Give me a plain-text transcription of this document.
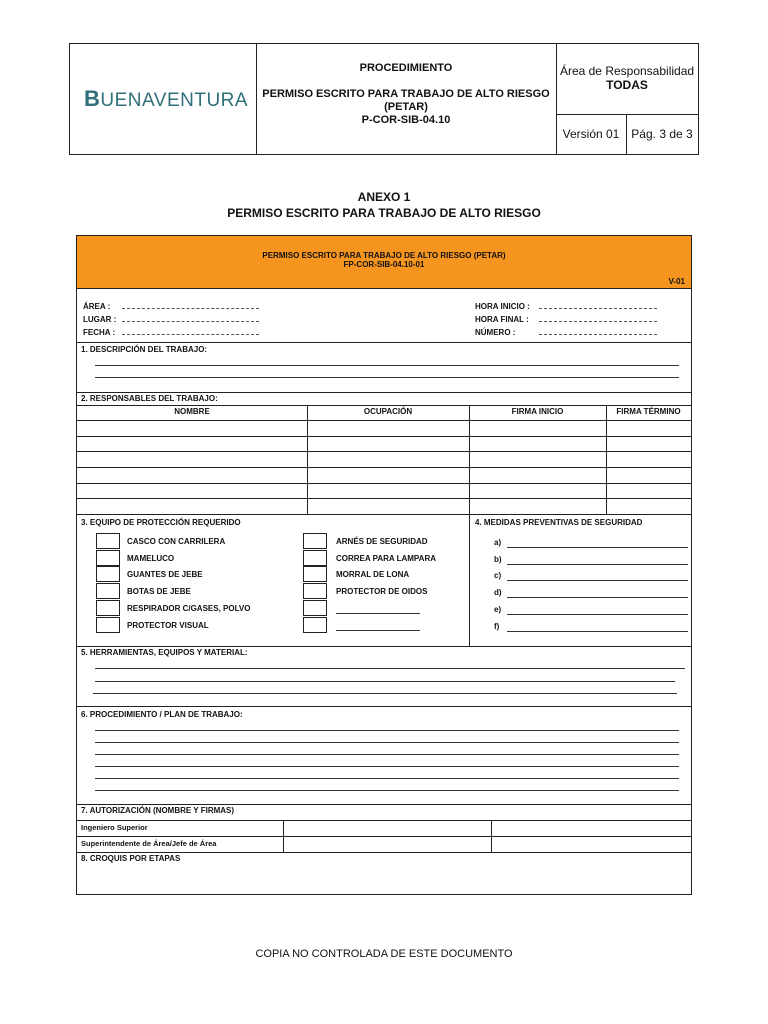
BUENAVENTURA
PROCEDIMIENTO
PERMISO ESCRITO PARA TRABAJO DE ALTO RIESGO
(PETAR)
P-COR-SIB-04.10
Área de Responsabilidad
TODAS
Versión 01 Pág. 3 de 3
ANEXO 1
PERMISO ESCRITO PARA TRABAJO DE ALTO RIESGO
PERMISO ESCRITO PARA TRABAJO DE ALTO RIESGO (PETAR)
FP-COR-SIB-04.10-01
V-01
ÁREA :
LUGAR :
FECHA :
HORA INICIO :
HORA FINAL :
NÚMERO :
1. DESCRIPCIÓN DEL TRABAJO:
2. RESPONSABLES DEL TRABAJO:
NOMBRE	OCUPACIÓN	FIRMA INICIO	FIRMA TÉRMINO
3. EQUIPO DE PROTECCIÓN REQUERIDO	4. MEDIDAS PREVENTIVAS DE SEGURIDAD
CASCO CON CARRILERA
MAMELUCO
GUANTES DE JEBE
BOTAS DE JEBE
RESPIRADOR C/GASES, POLVO
PROTECTOR VISUAL
ARNÉS DE SEGURIDAD
CORREA PARA LAMPARA
MORRAL DE LONA
PROTECTOR DE OIDOS
a)
b)
c)
d)
e)
f)
5. HERRAMIENTAS, EQUIPOS Y MATERIAL:
6. PROCEDIMIENTO / PLAN DE TRABAJO:
7. AUTORIZACIÓN (NOMBRE Y FIRMAS)
Ingeniero Superior
Superintendente de Área/Jefe de Área
8. CROQUIS POR ETAPAS
COPIA NO CONTROLADA DE ESTE DOCUMENTO
